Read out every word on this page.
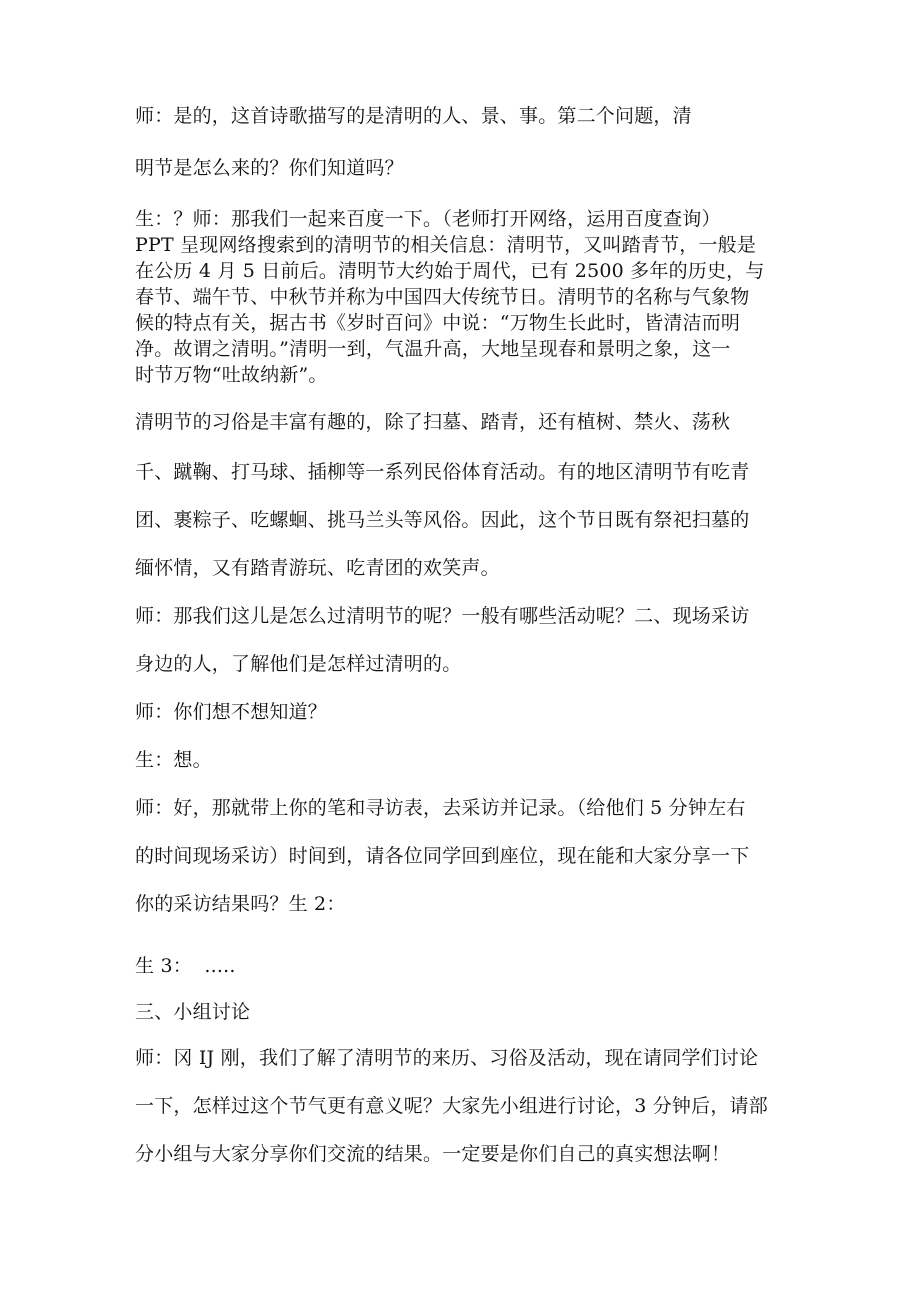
师：是的，这首诗歌描写的是清明的人、景、事。第二个问题，清
明节是怎么来的？你们知道吗？
生：？师：那我们一起来百度一下。（老师打开网络，运用百度查询）
PPT 呈现网络搜索到的清明节的相关信息：清明节，又叫踏青节，一般是
在公历 4 月 5 日前后。清明节大约始于周代，已有 2500 多年的历史，与
春节、端午节、中秋节并称为中国四大传统节日。清明节的名称与气象物
候的特点有关，据古书《岁时百问》中说：“万物生长此时，皆清洁而明
净。故谓之清明。”清明一到，气温升高，大地呈现春和景明之象，这一
时节万物“吐故纳新”。
清明节的习俗是丰富有趣的，除了扫墓、踏青，还有植树、禁火、荡秋
千、蹴鞠、打马球、插柳等一系列民俗体育活动。有的地区清明节有吃青
团、裹粽子、吃螺蛔、挑马兰头等风俗。因此，这个节日既有祭祀扫墓的
缅怀情，又有踏青游玩、吃青团的欢笑声。
师：那我们这儿是怎么过清明节的呢？一般有哪些活动呢？二、现场采访
身边的人，了解他们是怎样过清明的。
师：你们想不想知道？
生：想。
师：好，那就带上你的笔和寻访表，去采访并记录。（给他们 5 分钟左右
的时间现场采访）时间到，请各位同学回到座位，现在能和大家分享一下
你的采访结果吗？生 2：
生 3：  .....
三、小组讨论
师：冈 IJ 刚，我们了解了清明节的来历、习俗及活动，现在请同学们讨论
一下，怎样过这个节气更有意义呢？大家先小组进行讨论，3 分钟后，请部
分小组与大家分享你们交流的结果。一定要是你们自己的真实想法啊！
